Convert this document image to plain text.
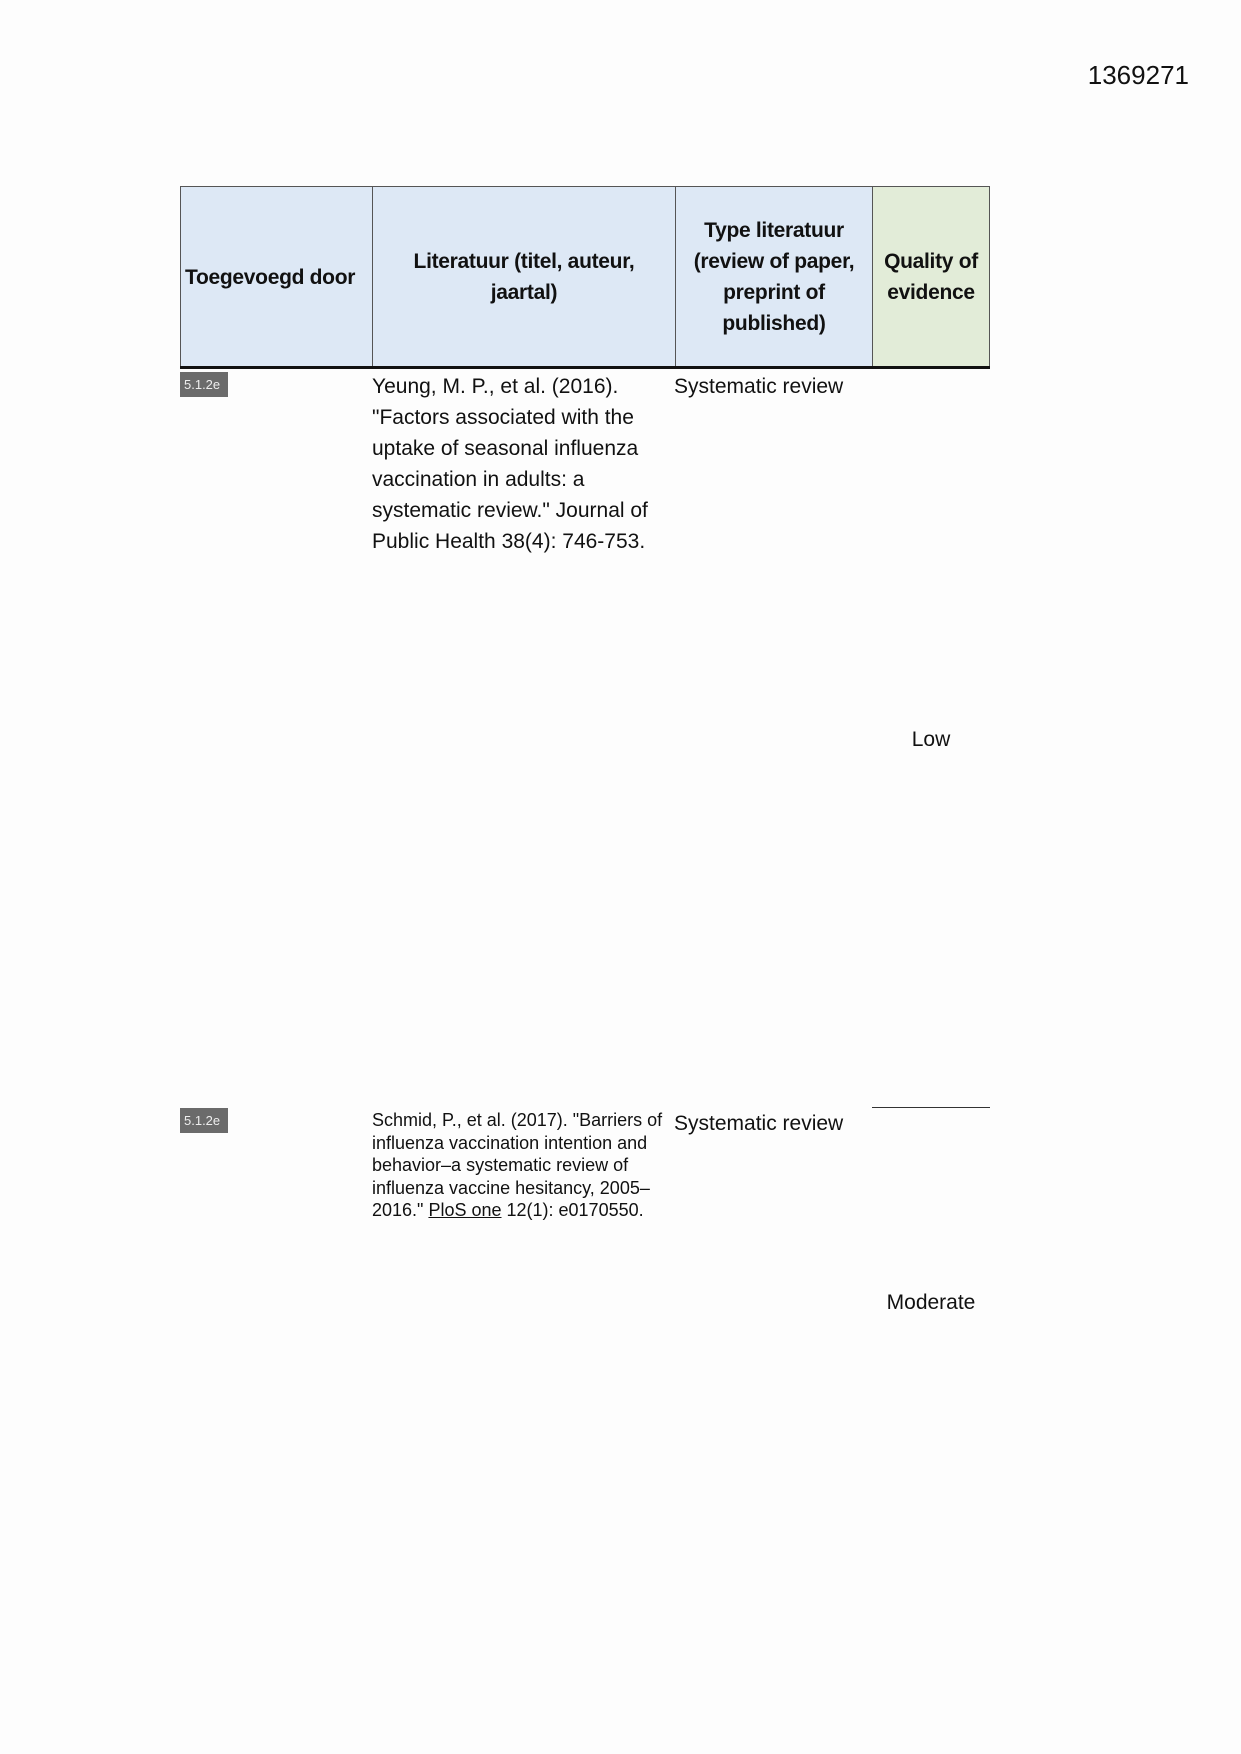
1369271
Toegevoegd door
Literatuur (titel, auteur, jaartal)
Type literatuur (review of paper, preprint of published)
Quality of evidence
5.1.2e	Yeung, M. P., et al. (2016). "Factors associated with the uptake of seasonal influenza vaccination in adults: a systematic review." Journal of Public Health 38(4): 746-753.
Systematic review
Low
5.1.2e	Schmid, P., et al. (2017). "Barriers of influenza vaccination intention and behavior–a systematic review of influenza vaccine hesitancy, 2005–2016." PloS one 12(1): e0170550.
Systematic review
Moderate
